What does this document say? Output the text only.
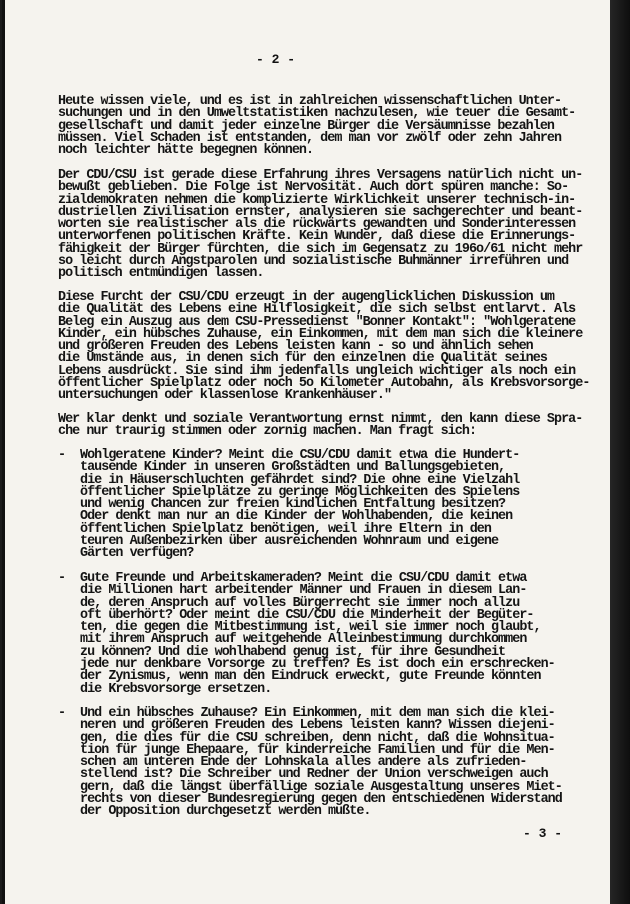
- 2 -

Heute wissen viele, und es ist in zahlreichen wissenschaftlichen Unter-
suchungen und in den Umweltstatistiken nachzulesen, wie teuer die Gesamt-
gesellschaft und damit jeder einzelne Bürger die Versäumnisse bezahlen
müssen. Viel Schaden ist entstanden, dem man vor zwölf oder zehn Jahren
noch leichter hätte begegnen können.

Der CDU/CSU ist gerade diese Erfahrung ihres Versagens natürlich nicht un-
bewußt geblieben. Die Folge ist Nervosität. Auch dort spüren manche: So-
zialdemokraten nehmen die komplizierte Wirklichkeit unserer technisch-in-
dustriellen Zivilisation ernster, analysieren sie sachgerechter und beant-
worten sie realistischer als die rückwärts gewandten und Sonderinteressen
unterworfenen politischen Kräfte. Kein Wunder, daß diese die Erinnerungs-
fähigkeit der Bürger fürchten, die sich im Gegensatz zu 196o/61 nicht mehr
so leicht durch Angstparolen und sozialistische Buhmänner irreführen und
politisch entmündigen lassen.

Diese Furcht der CSU/CDU erzeugt in der augenglicklichen Diskussion um
die Qualität des Lebens eine Hilflosigkeit, die sich selbst entlarvt. Als
Beleg ein Auszug aus dem CSU-Pressedienst "Bonner Kontakt": "Wohlgeratene
Kinder, ein hübsches Zuhause, ein Einkommen, mit dem man sich die kleinere
und größeren Freuden des Lebens leisten kann - so und ähnlich sehen
die Umstände aus, in denen sich für den einzelnen die Qualität seines
Lebens ausdrückt. Sie sind ihm jedenfalls ungleich wichtiger als noch ein
öffentlicher Spielplatz oder noch 5o Kilometer Autobahn, als Krebsvorsorge-
untersuchungen oder klassenlose Krankenhäuser."

Wer klar denkt und soziale Verantwortung ernst nimmt, den kann diese Spra-
che nur traurig stimmen oder zornig machen. Man fragt sich:

- Wohlgeratene Kinder? Meint die CSU/CDU damit etwa die Hundert-
tausende Kinder in unseren Großstädten und Ballungsgebieten,
die in Häuserschluchten gefährdet sind? Die ohne eine Vielzahl
öffentlicher Spielplätze zu geringe Möglichkeiten des Spielens
und wenig Chancen zur freien kindlichen Entfaltung besitzen?
Oder denkt man nur an die Kinder der Wohlhabenden, die keinen
öffentlichen Spielplatz benötigen, weil ihre Eltern in den
teuren Außenbezirken über ausreichenden Wohnraum und eigene
Gärten verfügen?

- Gute Freunde und Arbeitskameraden? Meint die CSU/CDU damit etwa
die Millionen hart arbeitender Männer und Frauen in diesem Lan-
de, deren Anspruch auf volles Bürgerrecht sie immer noch allzu
oft überhört? Oder meint die CSU/CDU die Minderheit der Begüter-
ten, die gegen die Mitbestimmung ist, weil sie immer noch glaubt,
mit ihrem Anspruch auf weitgehende Alleinbestimmung durchkommen
zu können? Und die wohlhabend genug ist, für ihre Gesundheit
jede nur denkbare Vorsorge zu treffen? Es ist doch ein erschrecken-
der Zynismus, wenn man den Eindruck erweckt, gute Freunde könnten
die Krebsvorsorge ersetzen.

- Und ein hübsches Zuhause? Ein Einkommen, mit dem man sich die klei-
neren und größeren Freuden des Lebens leisten kann? Wissen diejeni-
gen, die dies für die CSU schreiben, denn nicht, daß die Wohnsitua-
tion für junge Ehepaare, für kinderreiche Familien und für die Men-
schen am unteren Ende der Lohnskala alles andere als zufrieden-
stellend ist? Die Schreiber und Redner der Union verschweigen auch
gern, daß die längst überfällige soziale Ausgestaltung unseres Miet-
rechts von dieser Bundesregierung gegen den entschiedenen Widerstand
der Opposition durchgesetzt werden mußte.

- 3 -
